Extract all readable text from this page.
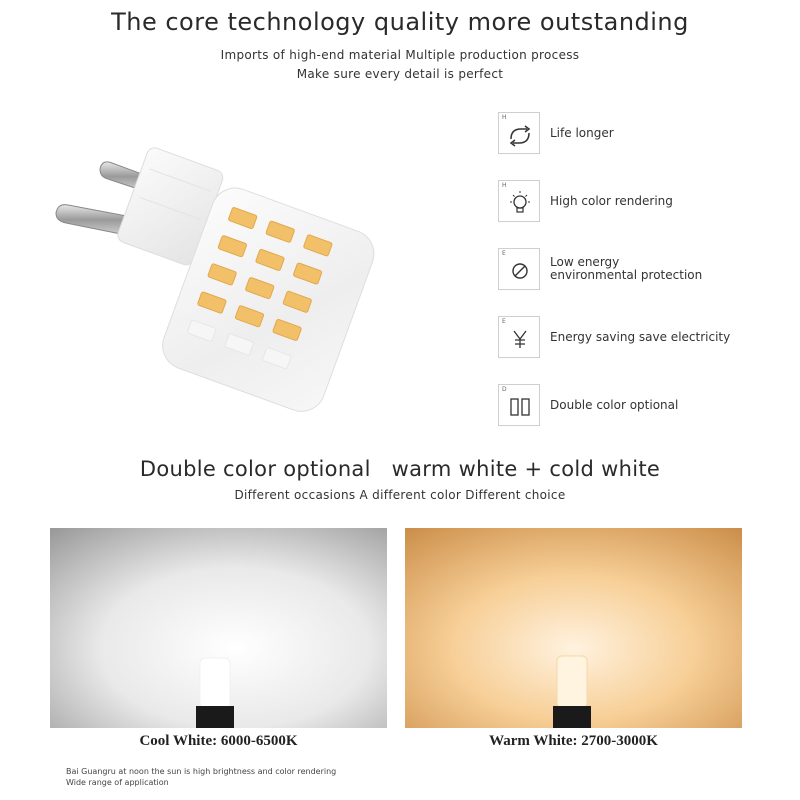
The core technology quality more outstanding
Imports of high-end material Multiple production process
Make sure every detail is perfect
H
Life longer
H
High color rendering
E
Low energy
environmental protection
E
Energy saving save electricity
D
Double color optional
Double color optional   warm white + cold white
Different occasions A different color Different choice
Cool White: 6000-6500K	Warm White: 2700-3000K
Bai Guangru at noon the sun is high brightness and color rendering
Wide range of application
